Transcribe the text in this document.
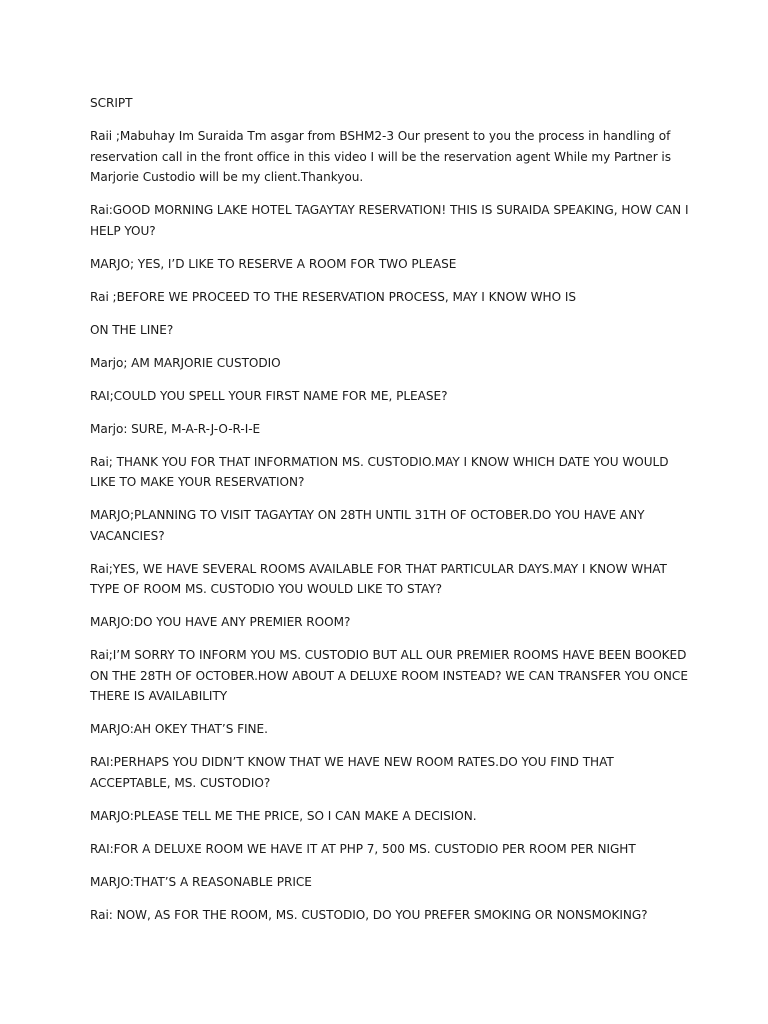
SCRIPT

Raii ;Mabuhay Im Suraida Tm asgar from BSHM2-3 Our present to you the process in handling of reservation call in the front office in this video I will be the reservation agent While my Partner is Marjorie Custodio will be my client.Thankyou.

Rai:GOOD MORNING LAKE HOTEL TAGAYTAY RESERVATION! THIS IS SURAIDA SPEAKING, HOW CAN I HELP YOU?

MARJO; YES, I’D LIKE TO RESERVE A ROOM FOR TWO PLEASE

Rai ;BEFORE WE PROCEED TO THE RESERVATION PROCESS, MAY I KNOW WHO IS

ON THE LINE?

Marjo; AM MARJORIE CUSTODIO

RAI;COULD YOU SPELL YOUR FIRST NAME FOR ME, PLEASE?

Marjo: SURE, M-A-R-J-O-R-I-E

Rai; THANK YOU FOR THAT INFORMATION MS. CUSTODIO.MAY I KNOW WHICH DATE YOU WOULD LIKE TO MAKE YOUR RESERVATION?

MARJO;PLANNING TO VISIT TAGAYTAY ON 28TH UNTIL 31TH OF OCTOBER.DO YOU HAVE ANY VACANCIES?

Rai;YES, WE HAVE SEVERAL ROOMS AVAILABLE FOR THAT PARTICULAR DAYS.MAY I KNOW WHAT TYPE OF ROOM MS. CUSTODIO YOU WOULD LIKE TO STAY?

MARJO:DO YOU HAVE ANY PREMIER ROOM?

Rai;I’M SORRY TO INFORM YOU MS. CUSTODIO BUT ALL OUR PREMIER ROOMS HAVE BEEN BOOKED ON THE 28TH OF OCTOBER.HOW ABOUT A DELUXE ROOM INSTEAD? WE CAN TRANSFER YOU ONCE THERE IS AVAILABILITY

MARJO:AH OKEY THAT’S FINE.

RAI:PERHAPS YOU DIDN’T KNOW THAT WE HAVE NEW ROOM RATES.DO YOU FIND THAT ACCEPTABLE, MS. CUSTODIO?

MARJO:PLEASE TELL ME THE PRICE, SO I CAN MAKE A DECISION.

RAI:FOR A DELUXE ROOM WE HAVE IT AT PHP 7, 500 MS. CUSTODIO PER ROOM PER NIGHT

MARJO:THAT’S A REASONABLE PRICE

Rai: NOW, AS FOR THE ROOM, MS. CUSTODIO, DO YOU PREFER SMOKING OR NONSMOKING?
